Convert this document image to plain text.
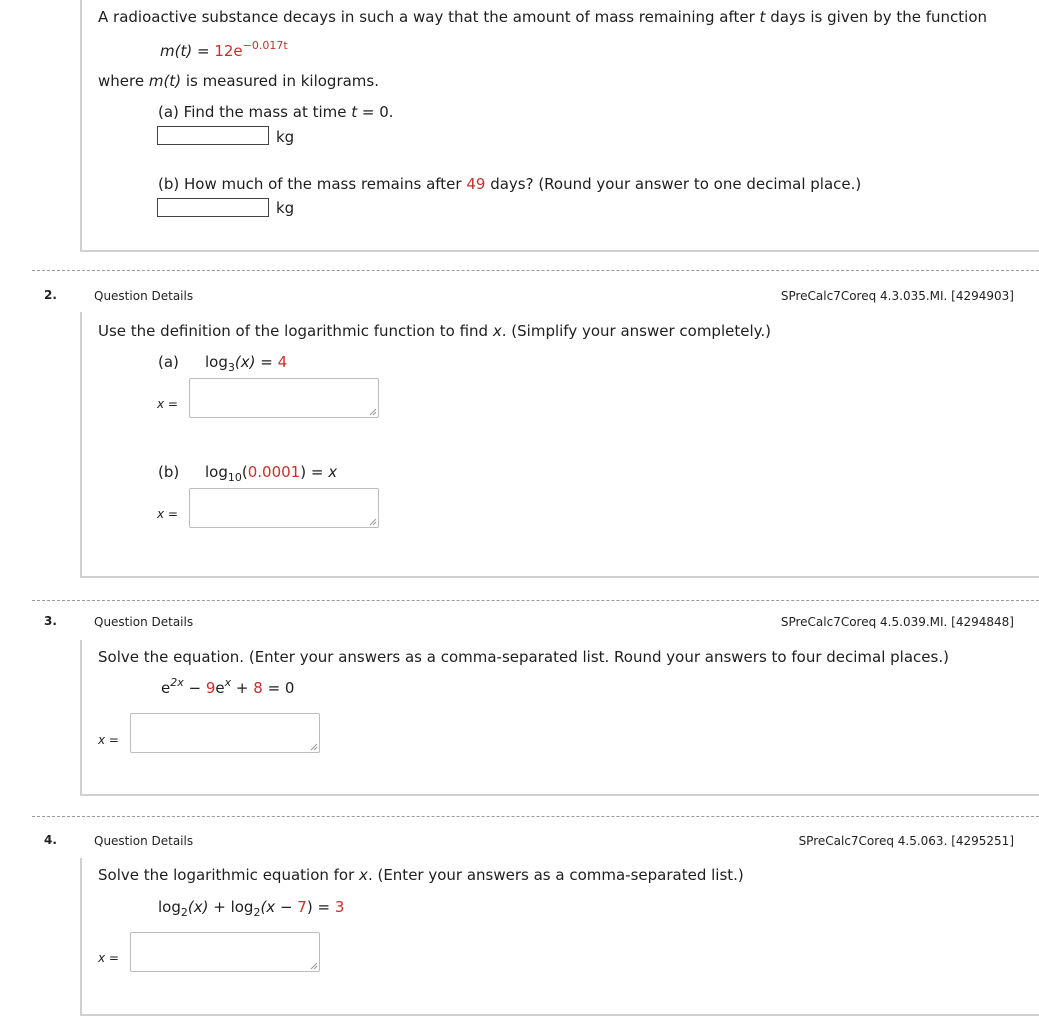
A radioactive substance decays in such a way that the amount of mass remaining after t days is given by the function
$m(t) = 12e^{-0.017t}$
where m(t) is measured in kilograms.
(a) Find the mass at time t = 0.
kg
(b) How much of the mass remains after 49 days? (Round your answer to one decimal place.)
kg
2.	Question Details	SPreCalc7Coreq 4.3.035.MI. [4294903]
Use the definition of the logarithmic function to find x. (Simplify your answer completely.)
(a) $\log_3(x) = 4$
x =
(b) $\log_{10}(0.0001) = x$
x =
3.	Question Details	SPreCalc7Coreq 4.5.039.MI. [4294848]
Solve the equation. (Enter your answers as a comma-separated list. Round your answers to four decimal places.)
$e^{2x} - 9e^x + 8 = 0$
x =
4.	Question Details	SPreCalc7Coreq 4.5.063. [4295251]
Solve the logarithmic equation for x. (Enter your answers as a comma-separated list.)
$\log_2(x) + \log_2(x - 7) = 3$
x =
